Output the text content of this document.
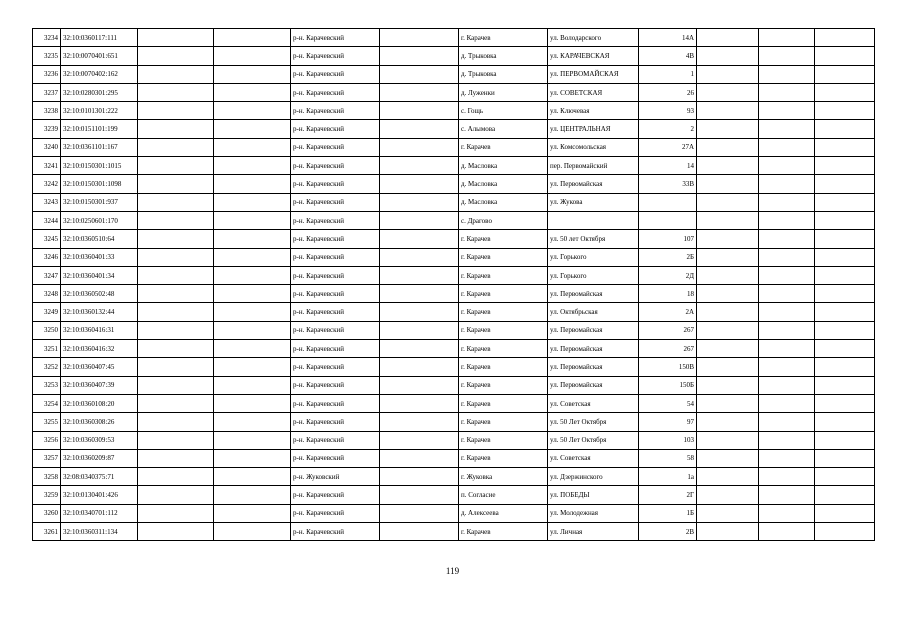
3234	32:10:0360117:111			р-н. Карачевский		г. Карачев	ул. Володарского	14А			
3235	32:10:0070401:651			р-н. Карачевский		д. Трыковка	ул. КАРАЧЕВСКАЯ	4В			
3236	32:10:0070402:162			р-н. Карачевский		д. Трыковка	ул. ПЕРВОМАЙСКАЯ	1			
3237	32:10:0280301:295			р-н. Карачевский		д. Луженки	ул. СОВЕТСКАЯ	26			
3238	32:10:0101301:222			р-н. Карачевский		с. Гощь	ул. Ключевая	93			
3239	32:10:0151101:199			р-н. Карачевский		с. Алымова	ул. ЦЕНТРАЛЬНАЯ	2			
3240	32:10:0361101:167			р-н. Карачевский		г. Карачев	ул. Комсомольская	27А			
3241	32:10:0150301:1015			р-н. Карачевский		д. Масловка	пер. Первомайский	14			
3242	32:10:0150301:1098			р-н. Карачевский		д. Масловка	ул. Первомайская	33В			
3243	32:10:0150301:937			р-н. Карачевский		д. Масловка	ул. Жукова				
3244	32:10:0250601:170			р-н. Карачевский		с. Драгово					
3245	32:10:0360510:64			р-н. Карачевский		г. Карачев	ул. 50 лет Октября	107			
3246	32:10:0360401:33			р-н. Карачевский		г. Карачев	ул. Горького	2Б			
3247	32:10:0360401:34			р-н. Карачевский		г. Карачев	ул. Горького	2Д			
3248	32:10:0360502:48			р-н. Карачевский		г. Карачев	ул. Первомайская	18			
3249	32:10:0360132:44			р-н. Карачевский		г. Карачев	ул. Октябрьская	2А			
3250	32:10:0360416:31			р-н. Карачевский		г. Карачев	ул. Первомайская	267			
3251	32:10:0360416:32			р-н. Карачевский		г. Карачев	ул. Первомайская	267			
3252	32:10:0360407:45			р-н. Карачевский		г. Карачев	ул. Первомайская	150В			
3253	32:10:0360407:39			р-н. Карачевский		г. Карачев	ул. Первомайская	150Б			
3254	32:10:0360108:20			р-н. Карачевский		г. Карачев	ул. Советская	54			
3255	32:10:0360308:26			р-н. Карачевский		г. Карачев	ул. 50 Лет Октября	97			
3256	32:10:0360309:53			р-н. Карачевский		г. Карачев	ул. 50 Лет Октября	103			
3257	32:10:0360209:87			р-н. Карачевский		г. Карачев	ул. Советская	58			
3258	32:08:0340375:71			р-н. Жуковский		г. Жуковка	ул. Дзержинского	1а			
3259	32:10:0130401:426			р-н. Карачевский		п. Согласие	ул. ПОБЕДЫ	2Г			
3260	32:10:0340701:112			р-н. Карачевский		д. Алексеева	ул. Молодежная	1Б			
3261	32:10:0360311:134			р-н. Карачевский		г. Карачев	ул. Личная	2В			
119
